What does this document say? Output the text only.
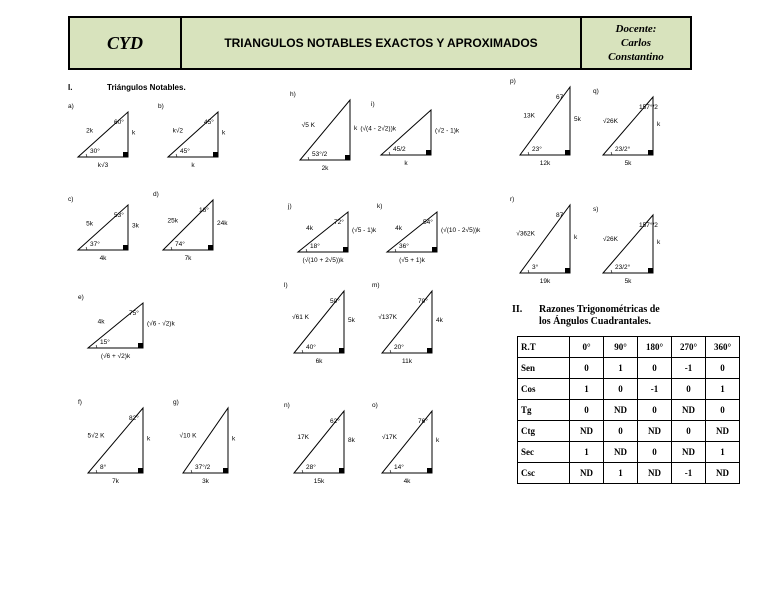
CYD	TRIANGULOS NOTABLES EXACTOS Y APROXIMADOS
Docente:
Carlos
Constantino
I.	Triángulos Notables.
II. Razones Trigonométricas de
los Ángulos Cuadrantales.
a)
2k	k
k√3
60°
30°
b)
k√2	k
k
45°
45°
c)
5k	3k
4k
53°
37°
d)
25k	24k
7k
16°
74°
e)
4k	(√6 - √2)k
(√6 + √2)k
75°
15°
f)
5√2 K	k
7k
82°
8°
g)
√10 K	k
3k
37°/2
h)
√5 K	k
2k
53°/2
i)
(√(4 - 2√2))k	(√2 - 1)k
k
45/2
j)
4k	(√5 - 1)k
(√(10 + 2√5))k
72°
18°
k)
4k	(√(10 - 2√5))k
(√5 + 1)k
54°
36°
l)
√61 K	5k
6k
50°
40°
m)
√137K	4k
11k
70°
20°
n)
17K	8k
15k
62°
28°
o)
√17K	k
4k
76°
14°
p)
13K	5k
12k
67
23°
q)
√26K	k
5k
157°/2
23/2°
r)
√362K	k
19k
87
3°
s)
√26K	k
5k
157°/2
23/2°
R.T	0°	90°	180°	270°	360°
Sen	0	1	0	-1	0
Cos	1	0	-1	0	1
Tg	0	ND	0	ND	0
Ctg	ND	0	ND	0	ND
Sec	1	ND	0	ND	1
Csc	ND	1	ND	-1	ND
